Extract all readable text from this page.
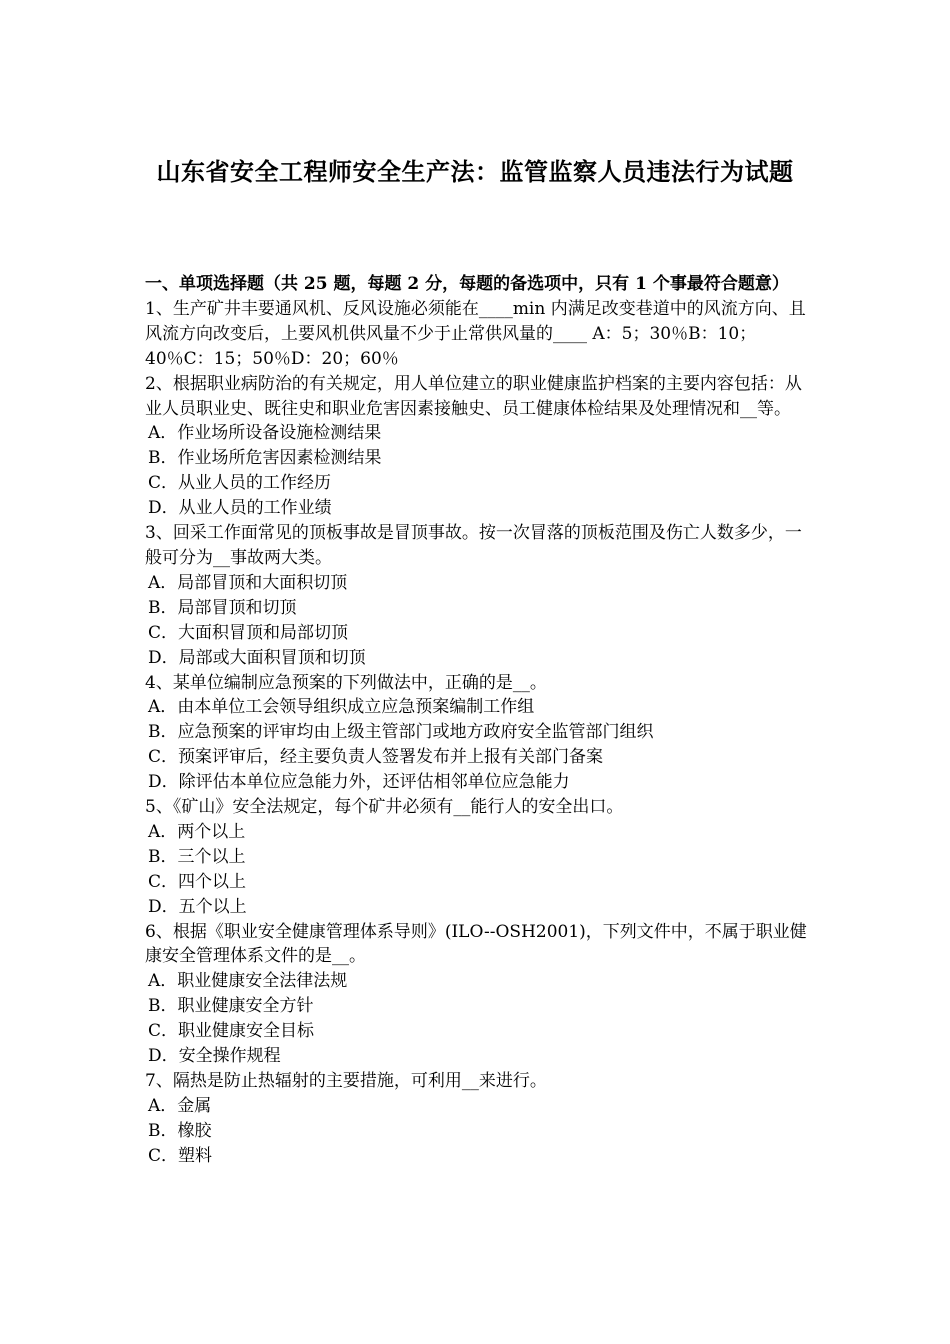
山东省安全工程师安全生产法：监管监察人员违法行为试题

一、单项选择题（共 25 题，每题 2 分，每题的备选项中，只有 1 个事最符合题意）

1、生产矿井丰要通风机、反风设施必须能在____min 内满足改变巷道中的风流方向、且风流方向改变后，上要风机供风量不少于止常供风量的____ A：5；30％B：10；40％C：15；50％D：20；60％

2、根据职业病防治的有关规定，用人单位建立的职业健康监护档案的主要内容包括：从业人员职业史、既往史和职业危害因素接触史、员工健康体检结果及处理情况和__等。

A．作业场所设备设施检测结果

B．作业场所危害因素检测结果

C．从业人员的工作经历

D．从业人员的工作业绩

3、回采工作面常见的顶板事故是冒顶事故。按一次冒落的顶板范围及伤亡人数多少，一般可分为__事故两大类。

A．局部冒顶和大面积切顶

B．局部冒顶和切顶

C．大面积冒顶和局部切顶

D．局部或大面积冒顶和切顶

4、某单位编制应急预案的下列做法中，正确的是__。

A．由本单位工会领导组织成立应急预案编制工作组

B．应急预案的评审均由上级主管部门或地方政府安全监管部门组织

C．预案评审后，经主要负责人签署发布并上报有关部门备案

D．除评估本单位应急能力外，还评估相邻单位应急能力

5、《矿山》安全法规定，每个矿井必须有__能行人的安全出口。

A．两个以上

B．三个以上

C．四个以上

D．五个以上

6、根据《职业安全健康管理体系导则》(ILO--OSH2001)，下列文件中，不属于职业健康安全管理体系文件的是__。

A．职业健康安全法律法规

B．职业健康安全方针

C．职业健康安全目标

D．安全操作规程

7、隔热是防止热辐射的主要措施，可利用__来进行。

A．金属

B．橡胶

C．塑料
